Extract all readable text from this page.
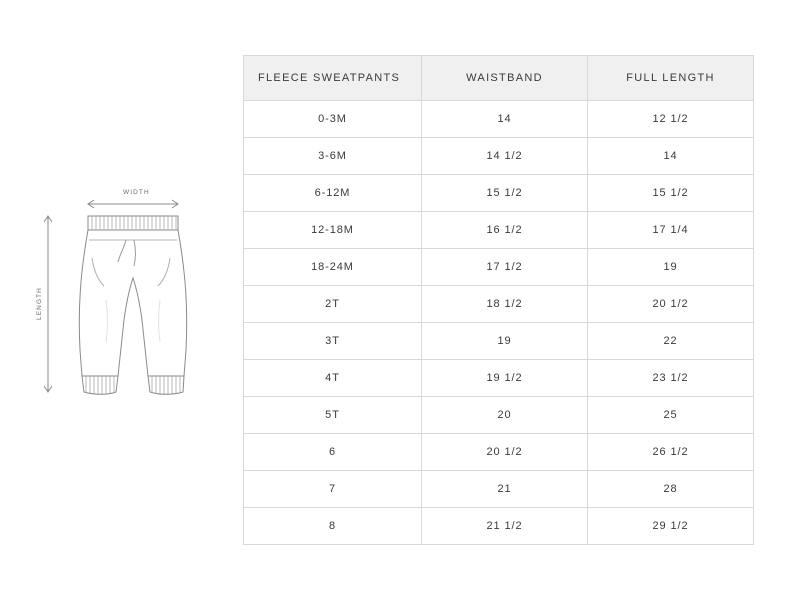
WIDTH
LENGTH
FLEECE SWEATPANTS	WAISTBAND	FULL LENGTH
0-3M	14	12 1/2
3-6M	14 1/2	14
6-12M	15 1/2	15 1/2
12-18M	16 1/2	17 1/4
18-24M	17 1/2	19
2T	18 1/2	20 1/2
3T	19	22
4T	19 1/2	23 1/2
5T	20	25
6	20 1/2	26 1/2
7	21	28
8	21 1/2	29 1/2
